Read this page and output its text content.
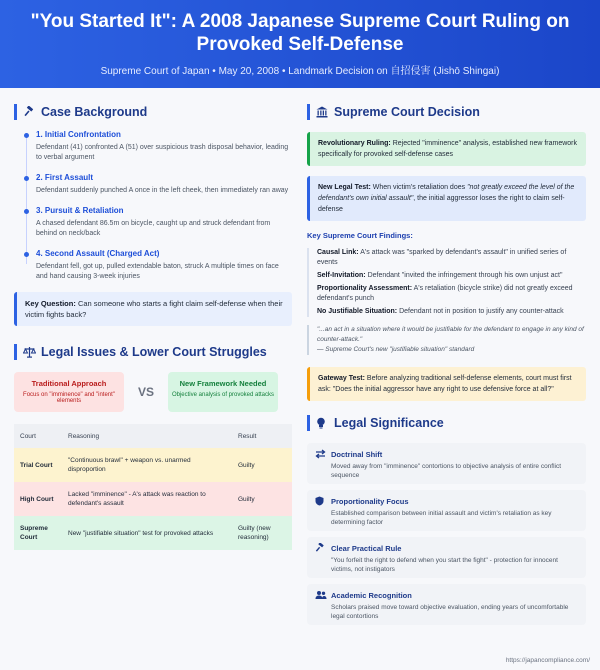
"You Started It": A 2008 Japanese Supreme Court Ruling on
Provoked Self-Defense
Supreme Court of Japan • May 20, 2008 • Landmark Decision on 自招侵害 (Jishō Shingai)
Case Background
1. Initial Confrontation
Defendant (41) confronted A (51) over suspicious trash disposal behavior, leading to verbal argument
2. First Assault
Defendant suddenly punched A once in the left cheek, then immediately ran away
3. Pursuit & Retaliation
A chased defendant 86.5m on bicycle, caught up and struck defendant from behind on neck/back
4. Second Assault (Charged Act)
Defendant fell, got up, pulled extendable baton, struck A multiple times on face and hand causing 3-week injuries
Key Question: Can someone who starts a fight claim self-defense when their victim fights back?
Legal Issues & Lower Court Struggles
Traditional Approach
Focus on "imminence" and "intent" elements
VS
New Framework Needed
Objective analysis of provoked attacks
Court	Reasoning	Result
Trial Court	"Continuous brawl" + weapon vs. unarmed disproportion	Guilty
High Court	Lacked "imminence" - A's attack was reaction to defendant's assault	Guilty
Supreme Court	New "justifiable situation" test for provoked attacks	Guilty (new reasoning)
Supreme Court Decision
Revolutionary Ruling: Rejected "imminence" analysis, established new framework specifically for provoked self-defense cases
New Legal Test: When victim's retaliation does "not greatly exceed the level of the defendant's own initial assault", the initial aggressor loses the right to claim self-defense
Key Supreme Court Findings:
Causal Link: A's attack was "sparked by defendant's assault" in unified series of events
Self-Invitation: Defendant "invited the infringement through his own unjust act"
Proportionality Assessment: A's retaliation (bicycle strike) did not greatly exceed defendant's punch
No Justifiable Situation: Defendant not in position to justify any counter-attack
"...an act in a situation where it would be justifiable for the defendant to engage in any kind of counter-attack."
— Supreme Court's new "justifiable situation" standard
Gateway Test: Before analyzing traditional self-defense elements, court must first ask: "Does the initial aggressor have any right to use defensive force at all?"
Legal Significance
Doctrinal Shift
Moved away from "imminence" contortions to objective analysis of entire conflict sequence
Proportionality Focus
Established comparison between initial assault and victim's retaliation as key determining factor
Clear Practical Rule
"You forfeit the right to defend when you start the fight" - protection for innocent victims, not instigators
Academic Recognition
Scholars praised move toward objective evaluation, ending years of uncomfortable legal contortions
https://japancompliance.com/
